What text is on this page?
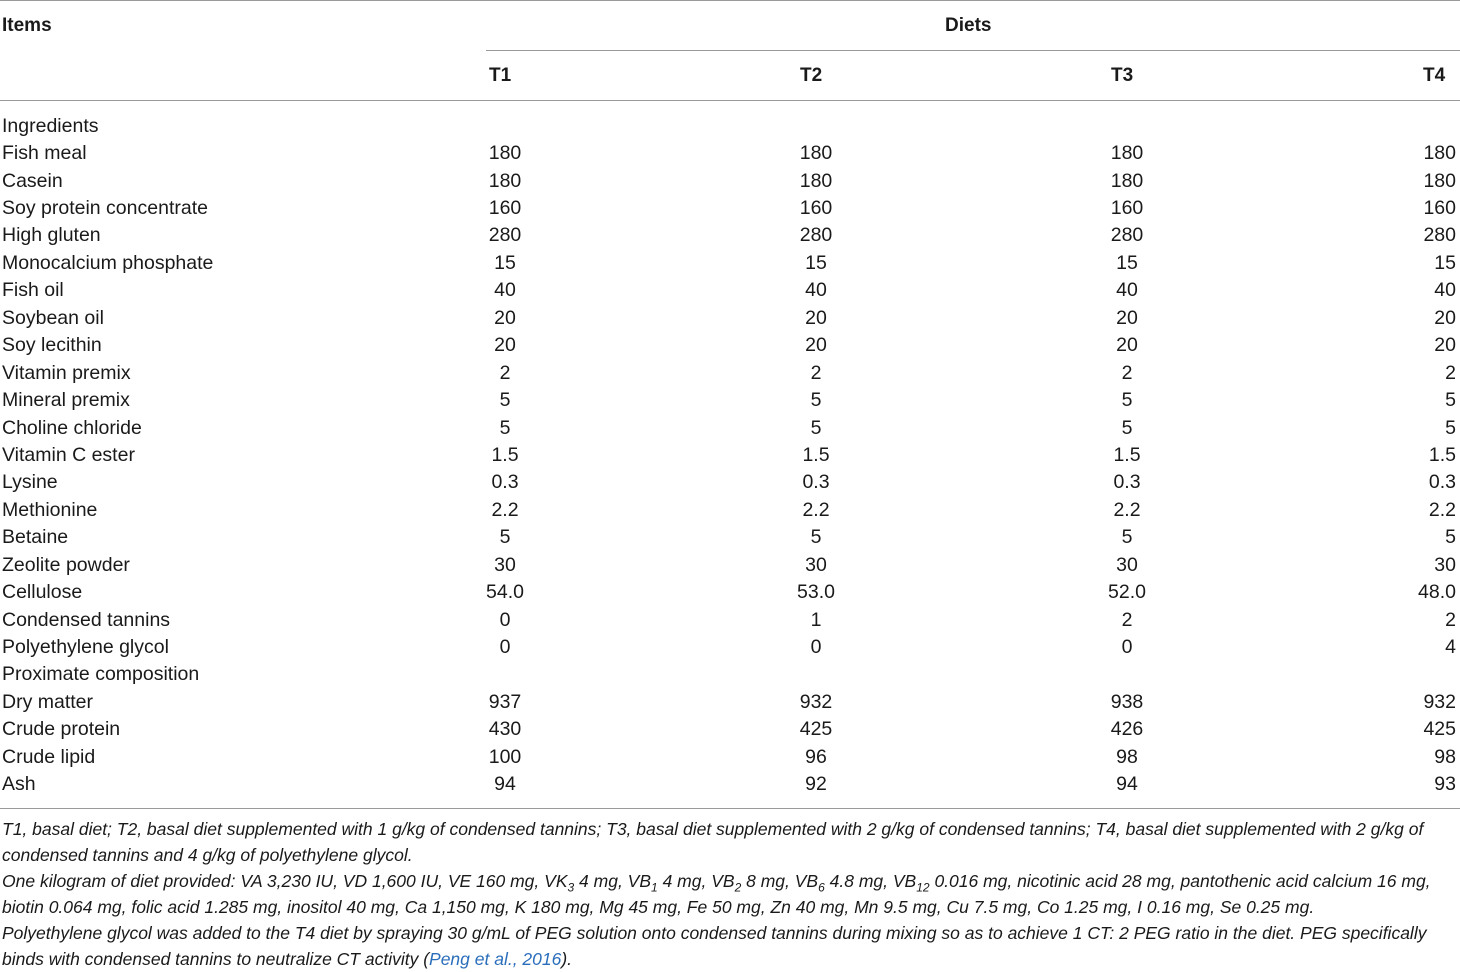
Items	Diets
T1	T2	T3	T4
Ingredients				
Fish meal	180	180	180	180
Casein	180	180	180	180
Soy protein concentrate	160	160	160	160
High gluten	280	280	280	280
Monocalcium phosphate	15	15	15	15
Fish oil	40	40	40	40
Soybean oil	20	20	20	20
Soy lecithin	20	20	20	20
Vitamin premix	2	2	2	2
Mineral premix	5	5	5	5
Choline chloride	5	5	5	5
Vitamin C ester	1.5	1.5	1.5	1.5
Lysine	0.3	0.3	0.3	0.3
Methionine	2.2	2.2	2.2	2.2
Betaine	5	5	5	5
Zeolite powder	30	30	30	30
Cellulose	54.0	53.0	52.0	48.0
Condensed tannins	0	1	2	2
Polyethylene glycol	0	0	0	4
Proximate composition				
Dry matter	937	932	938	932
Crude protein	430	425	426	425
Crude lipid	100	96	98	98
Ash	94	92	94	93

T1, basal diet; T2, basal diet supplemented with 1 g/kg of condensed tannins; T3, basal diet supplemented with 2 g/kg of condensed tannins; T4, basal diet supplemented with 2 g/kg of condensed tannins and 4 g/kg of polyethylene glycol.

One kilogram of diet provided: VA 3,230 IU, VD 1,600 IU, VE 160 mg, $VK_3$ 4 mg, $VB_1$ 4 mg, $VB_2$ 8 mg, $VB_6$ 4.8 mg, $VB_{12}$ 0.016 mg, nicotinic acid 28 mg, pantothenic acid calcium 16 mg, biotin 0.064 mg, folic acid 1.285 mg, inositol 40 mg, Ca 1,150 mg, K 180 mg, Mg 45 mg, Fe 50 mg, Zn 40 mg, Mn 9.5 mg, Cu 7.5 mg, Co 1.25 mg, I 0.16 mg, Se 0.25 mg.

Polyethylene glycol was added to the T4 diet by spraying 30 g/mL of PEG solution onto condensed tannins during mixing so as to achieve 1 CT: 2 PEG ratio in the diet. PEG specifically binds with condensed tannins to neutralize CT activity (Peng et al., 2016).
